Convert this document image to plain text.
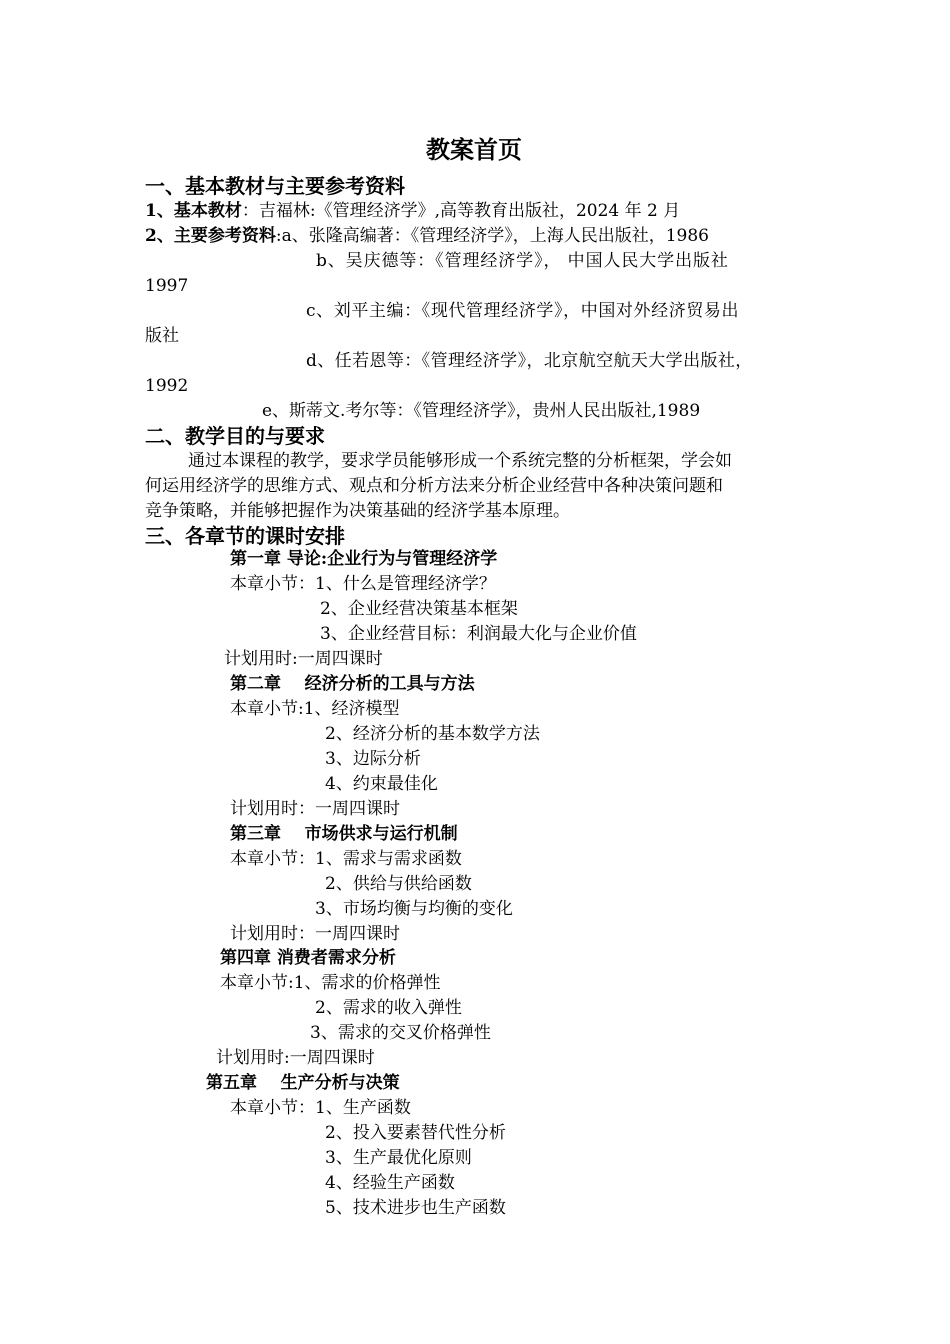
教案首页
一、基本教材与主要参考资料
1、基本教材：吉福林:《管理经济学》,高等教育出版社，2024 年 2 月
2、主要参考资料:a、张隆高编著：《管理经济学》，上海人民出版社，1986
b、吴庆德等：《管理经济学》， 中国人民大学出版社
1997
c、刘平主编：《现代管理经济学》，中国对外经济贸易出
版社
d、任若恩等：《管理经济学》，北京航空航天大学出版社，
1992
e、斯蒂文.考尔等：《管理经济学》，贵州人民出版社,1989
二、教学目的与要求
通过本课程的教学，要求学员能够形成一个系统完整的分析框架，学会如
何运用经济学的思维方式、观点和分析方法来分析企业经营中各种决策问题和
竞争策略，并能够把握作为决策基础的经济学基本原理。
三、各章节的课时安排
第一章 导论:企业行为与管理经济学
本章小节：1、什么是管理经济学？
2、企业经营决策基本框架
3、企业经营目标：利润最大化与企业价值
计划用时:一周四课时
第二章    经济分析的工具与方法
本章小节:1、经济模型
2、经济分析的基本数学方法
3、边际分析
4、约束最佳化
计划用时：一周四课时
第三章    市场供求与运行机制
本章小节：1、需求与需求函数
2、供给与供给函数
3、市场均衡与均衡的变化
计划用时：一周四课时
第四章 消费者需求分析
本章小节:1、需求的价格弹性
2、需求的收入弹性
3、需求的交叉价格弹性
计划用时:一周四课时
第五章    生产分析与决策
本章小节：1、生产函数
2、投入要素替代性分析
3、生产最优化原则
4、经验生产函数
5、技术进步也生产函数
